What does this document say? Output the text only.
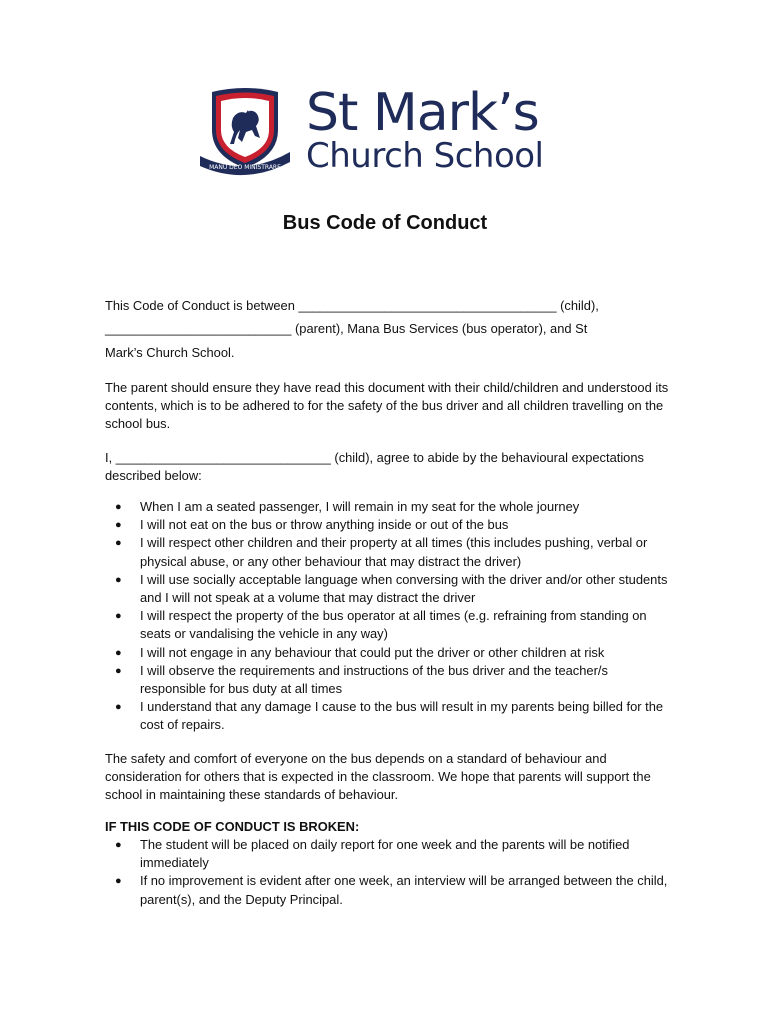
MANU DEO MINISTRARE
St Mark’s
Church School
Bus Code of Conduct

This Code of Conduct is between ____________________________________ (child),

__________________________ (parent), Mana Bus Services (bus operator), and St

Mark’s Church School.

The parent should ensure they have read this document with their child/children and understood its contents, which is to be adhered to for the safety of the bus driver and all children travelling on the school bus.

I, ______________________________ (child), agree to abide by the behavioural expectations described below:

● When I am a seated passenger, I will remain in my seat for the whole journey
● I will not eat on the bus or throw anything inside or out of the bus
● I will respect other children and their property at all times (this includes pushing, verbal or physical abuse, or any other behaviour that may distract the driver)
● I will use socially acceptable language when conversing with the driver and/or other students and I will not speak at a volume that may distract the driver
● I will respect the property of the bus operator at all times (e.g. refraining from standing on seats or vandalising the vehicle in any way)
● I will not engage in any behaviour that could put the driver or other children at risk
● I will observe the requirements and instructions of the bus driver and the teacher/s responsible for bus duty at all times
● I understand that any damage I cause to the bus will result in my parents being billed for the cost of repairs.

The safety and comfort of everyone on the bus depends on a standard of behaviour and consideration for others that is expected in the classroom. We hope that parents will support the school in maintaining these standards of behaviour.

IF THIS CODE OF CONDUCT IS BROKEN:

● The student will be placed on daily report for one week and the parents will be notified immediately
● If no improvement is evident after one week, an interview will be arranged between the child, parent(s), and the Deputy Principal.
